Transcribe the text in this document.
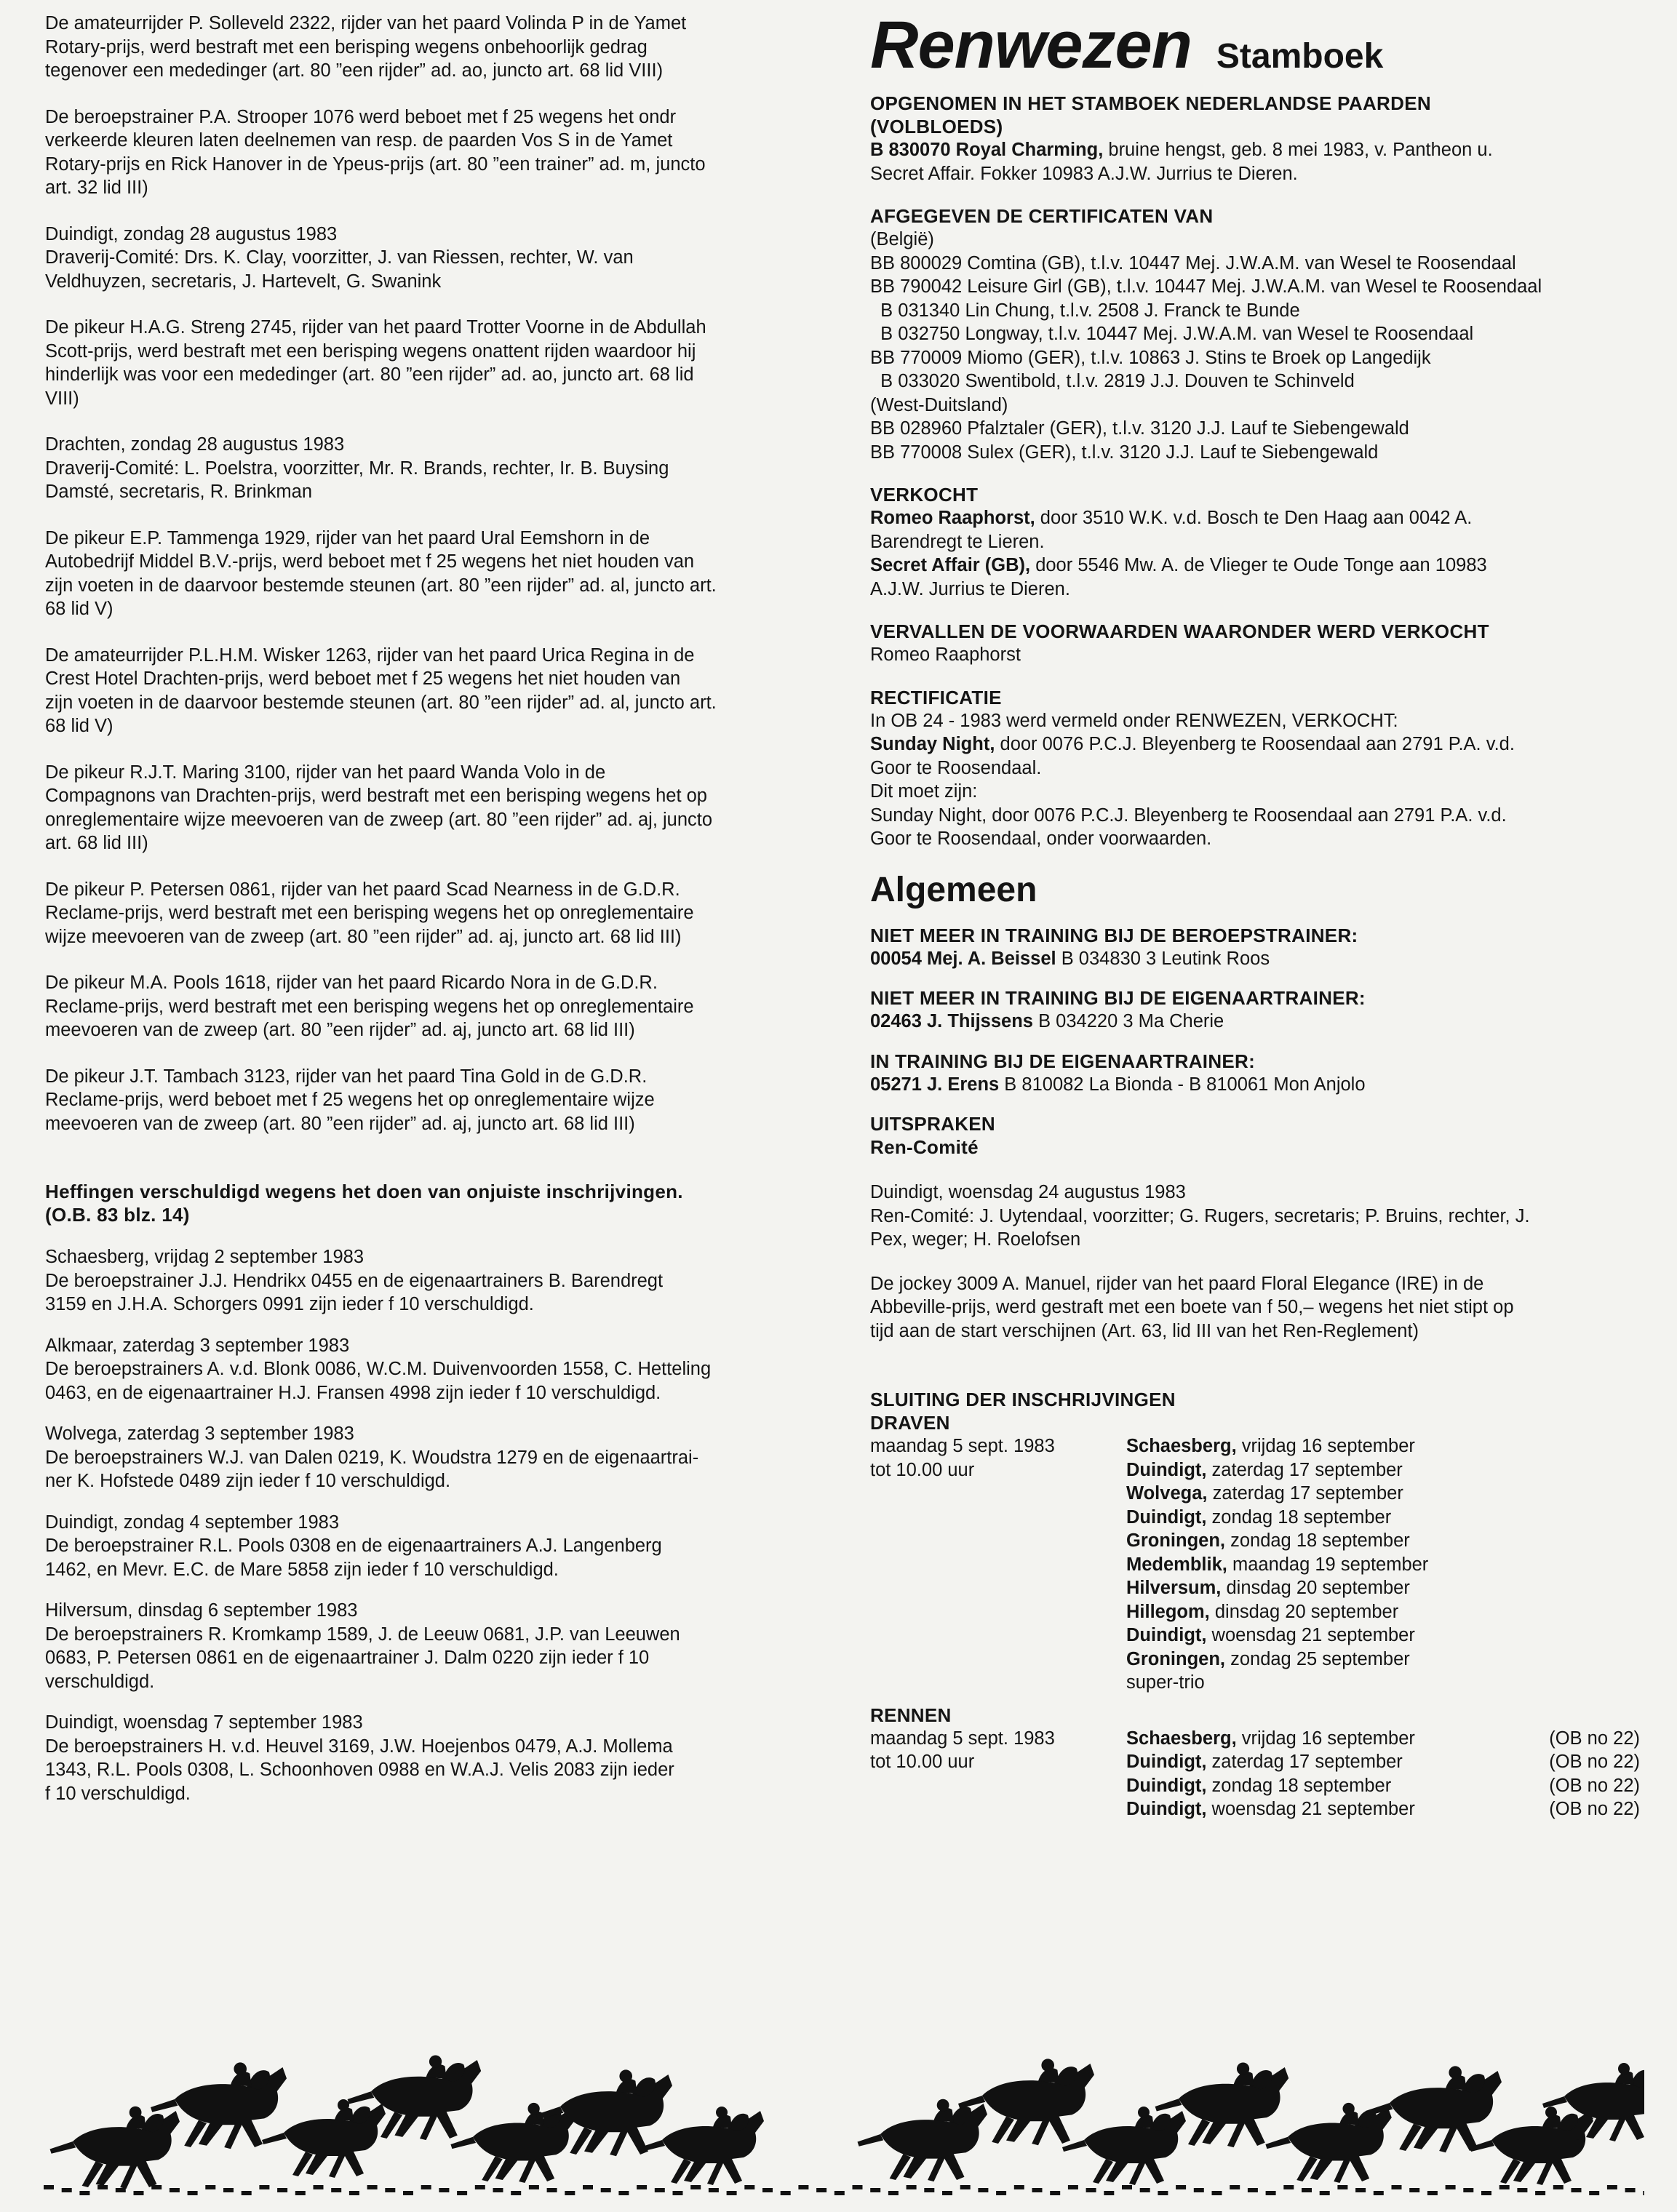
De amateurrijder P. Solleveld 2322, rijder van het paard Volinda P in de Yamet

Rotary-prijs, werd bestraft met een berisping wegens onbehoorlijk gedrag

tegenover een mededinger (art. 80 ”een rijder” ad. ao, juncto art. 68 lid VIII)

De beroepstrainer P.A. Strooper 1076 werd beboet met f 25 wegens het ondr

verkeerde kleuren laten deelnemen van resp. de paarden Vos S in de Yamet

Rotary-prijs en Rick Hanover in de Ypeus-prijs (art. 80 ”een trainer” ad. m, juncto

art. 32 lid III)

Duindigt, zondag 28 augustus 1983

Draverij-Comité: Drs. K. Clay, voorzitter, J. van Riessen, rechter, W. van

Veldhuyzen, secretaris, J. Hartevelt, G. Swanink

De pikeur H.A.G. Streng 2745, rijder van het paard Trotter Voorne in de Abdullah

Scott-prijs, werd bestraft met een berisping wegens onattent rijden waardoor hij

hinderlijk was voor een mededinger (art. 80 ”een rijder” ad. ao, juncto art. 68 lid

VIII)

Drachten, zondag 28 augustus 1983

Draverij-Comité: L. Poelstra, voorzitter, Mr. R. Brands, rechter, Ir. B. Buysing

Damsté, secretaris, R. Brinkman

De pikeur E.P. Tammenga 1929, rijder van het paard Ural Eemshorn in de

Autobedrijf Middel B.V.-prijs, werd beboet met f 25 wegens het niet houden van

zijn voeten in de daarvoor bestemde steunen (art. 80 ”een rijder” ad. al, juncto art.

68 lid V)

De amateurrijder P.L.H.M. Wisker 1263, rijder van het paard Urica Regina in de

Crest Hotel Drachten-prijs, werd beboet met f 25 wegens het niet houden van

zijn voeten in de daarvoor bestemde steunen (art. 80 ”een rijder” ad. al, juncto art.

68 lid V)

De pikeur R.J.T. Maring 3100, rijder van het paard Wanda Volo in de

Compagnons van Drachten-prijs, werd bestraft met een berisping wegens het op

onreglementaire wijze meevoeren van de zweep (art. 80 ”een rijder” ad. aj, juncto

art. 68 lid III)

De pikeur P. Petersen 0861, rijder van het paard Scad Nearness in de G.D.R.

Reclame-prijs, werd bestraft met een berisping wegens het op onreglementaire

wijze meevoeren van de zweep (art. 80 ”een rijder” ad. aj, juncto art. 68 lid III)

De pikeur M.A. Pools 1618, rijder van het paard Ricardo Nora in de G.D.R.

Reclame-prijs, werd bestraft met een berisping wegens het op onreglementaire

meevoeren van de zweep (art. 80 ”een rijder” ad. aj, juncto art. 68 lid III)

De pikeur J.T. Tambach 3123, rijder van het paard Tina Gold in de G.D.R.

Reclame-prijs, werd beboet met f 25 wegens het op onreglementaire wijze

meevoeren van de zweep (art. 80 ”een rijder” ad. aj, juncto art. 68 lid III)

Heffingen verschuldigd wegens het doen van onjuiste inschrijvingen.

(O.B. 83 blz. 14)

Schaesberg, vrijdag 2 september 1983

De beroepstrainer J.J. Hendrikx 0455 en de eigenaartrainers B. Barendregt

3159 en J.H.A. Schorgers 0991 zijn ieder f 10 verschuldigd.

Alkmaar, zaterdag 3 september 1983

De beroepstrainers A. v.d. Blonk 0086, W.C.M. Duivenvoorden 1558, C. Hetteling

0463, en de eigenaartrainer H.J. Fransen 4998 zijn ieder f 10 verschuldigd.

Wolvega, zaterdag 3 september 1983

De beroepstrainers W.J. van Dalen 0219, K. Woudstra 1279 en de eigenaartrai-

ner K. Hofstede 0489 zijn ieder f 10 verschuldigd.

Duindigt, zondag 4 september 1983

De beroepstrainer R.L. Pools 0308 en de eigenaartrainers A.J. Langenberg

1462, en Mevr. E.C. de Mare 5858 zijn ieder f 10 verschuldigd.

Hilversum, dinsdag 6 september 1983

De beroepstrainers R. Kromkamp 1589, J. de Leeuw 0681, J.P. van Leeuwen

0683, P. Petersen 0861 en de eigenaartrainer J. Dalm 0220 zijn ieder f 10

verschuldigd.

Duindigt, woensdag 7 september 1983

De beroepstrainers H. v.d. Heuvel 3169, J.W. Hoejenbos 0479, A.J. Mollema

1343, R.L. Pools 0308, L. Schoonhoven 0988 en W.A.J. Velis 2083 zijn ieder

f 10 verschuldigd.

Renwezen Stamboek

OPGENOMEN IN HET STAMBOEK NEDERLANDSE PAARDEN

(VOLBLOEDS)

B 830070 Royal Charming, bruine hengst, geb. 8 mei 1983, v. Pantheon u.

Secret Affair. Fokker 10983 A.J.W. Jurrius te Dieren.

AFGEGEVEN DE CERTIFICATEN VAN

(België)

BB 800029 Comtina (GB), t.l.v. 10447 Mej. J.W.A.M. van Wesel te Roosendaal

BB 790042 Leisure Girl (GB), t.l.v. 10447 Mej. J.W.A.M. van Wesel te Roosendaal

B 031340 Lin Chung, t.l.v. 2508 J. Franck te Bunde

B 032750 Longway, t.l.v. 10447 Mej. J.W.A.M. van Wesel te Roosendaal

BB 770009 Miomo (GER), t.l.v. 10863 J. Stins te Broek op Langedijk

B 033020 Swentibold, t.l.v. 2819 J.J. Douven te Schinveld

(West-Duitsland)

BB 028960 Pfalztaler (GER), t.l.v. 3120 J.J. Lauf te Siebengewald

BB 770008 Sulex (GER), t.l.v. 3120 J.J. Lauf te Siebengewald

VERKOCHT

Romeo Raaphorst, door 3510 W.K. v.d. Bosch te Den Haag aan 0042 A.

Barendregt te Lieren.

Secret Affair (GB), door 5546 Mw. A. de Vlieger te Oude Tonge aan 10983

A.J.W. Jurrius te Dieren.

VERVALLEN DE VOORWAARDEN WAARONDER WERD VERKOCHT

Romeo Raaphorst

RECTIFICATIE

In OB 24 - 1983 werd vermeld onder RENWEZEN, VERKOCHT:

Sunday Night, door 0076 P.C.J. Bleyenberg te Roosendaal aan 2791 P.A. v.d.

Goor te Roosendaal.

Dit moet zijn:

Sunday Night, door 0076 P.C.J. Bleyenberg te Roosendaal aan 2791 P.A. v.d.

Goor te Roosendaal, onder voorwaarden.

Algemeen

NIET MEER IN TRAINING BIJ DE BEROEPSTRAINER:

00054 Mej. A. Beissel B 034830 3 Leutink Roos

NIET MEER IN TRAINING BIJ DE EIGENAARTRAINER:

02463 J. Thijssens B 034220 3 Ma Cherie

IN TRAINING BIJ DE EIGENAARTRAINER:

05271 J. Erens B 810082 La Bionda - B 810061 Mon Anjolo

UITSPRAKEN

Ren-Comité

Duindigt, woensdag 24 augustus 1983

Ren-Comité: J. Uytendaal, voorzitter; G. Rugers, secretaris; P. Bruins, rechter, J.

Pex, weger; H. Roelofsen

De jockey 3009 A. Manuel, rijder van het paard Floral Elegance (IRE) in de

Abbeville-prijs, werd gestraft met een boete van f 50,– wegens het niet stipt op

tijd aan de start verschijnen (Art. 63, lid III van het Ren-Reglement)

SLUITING DER INSCHRIJVINGEN

DRAVEN

maandag 5 sept. 1983

tot 10.00 uur

Schaesberg, vrijdag 16 september

Duindigt, zaterdag 17 september

Wolvega, zaterdag 17 september

Duindigt, zondag 18 september

Groningen, zondag 18 september

Medemblik, maandag 19 september

Hilversum, dinsdag 20 september

Hillegom, dinsdag 20 september

Duindigt, woensdag 21 september

Groningen, zondag 25 september

super-trio

RENNEN

maandag 5 sept. 1983

tot 10.00 uur

Schaesberg, vrijdag 16 september	(OB no 22)

Duindigt, zaterdag 17 september	(OB no 22)

Duindigt, zondag 18 september	(OB no 22)

Duindigt, woensdag 21 september	(OB no 22)
